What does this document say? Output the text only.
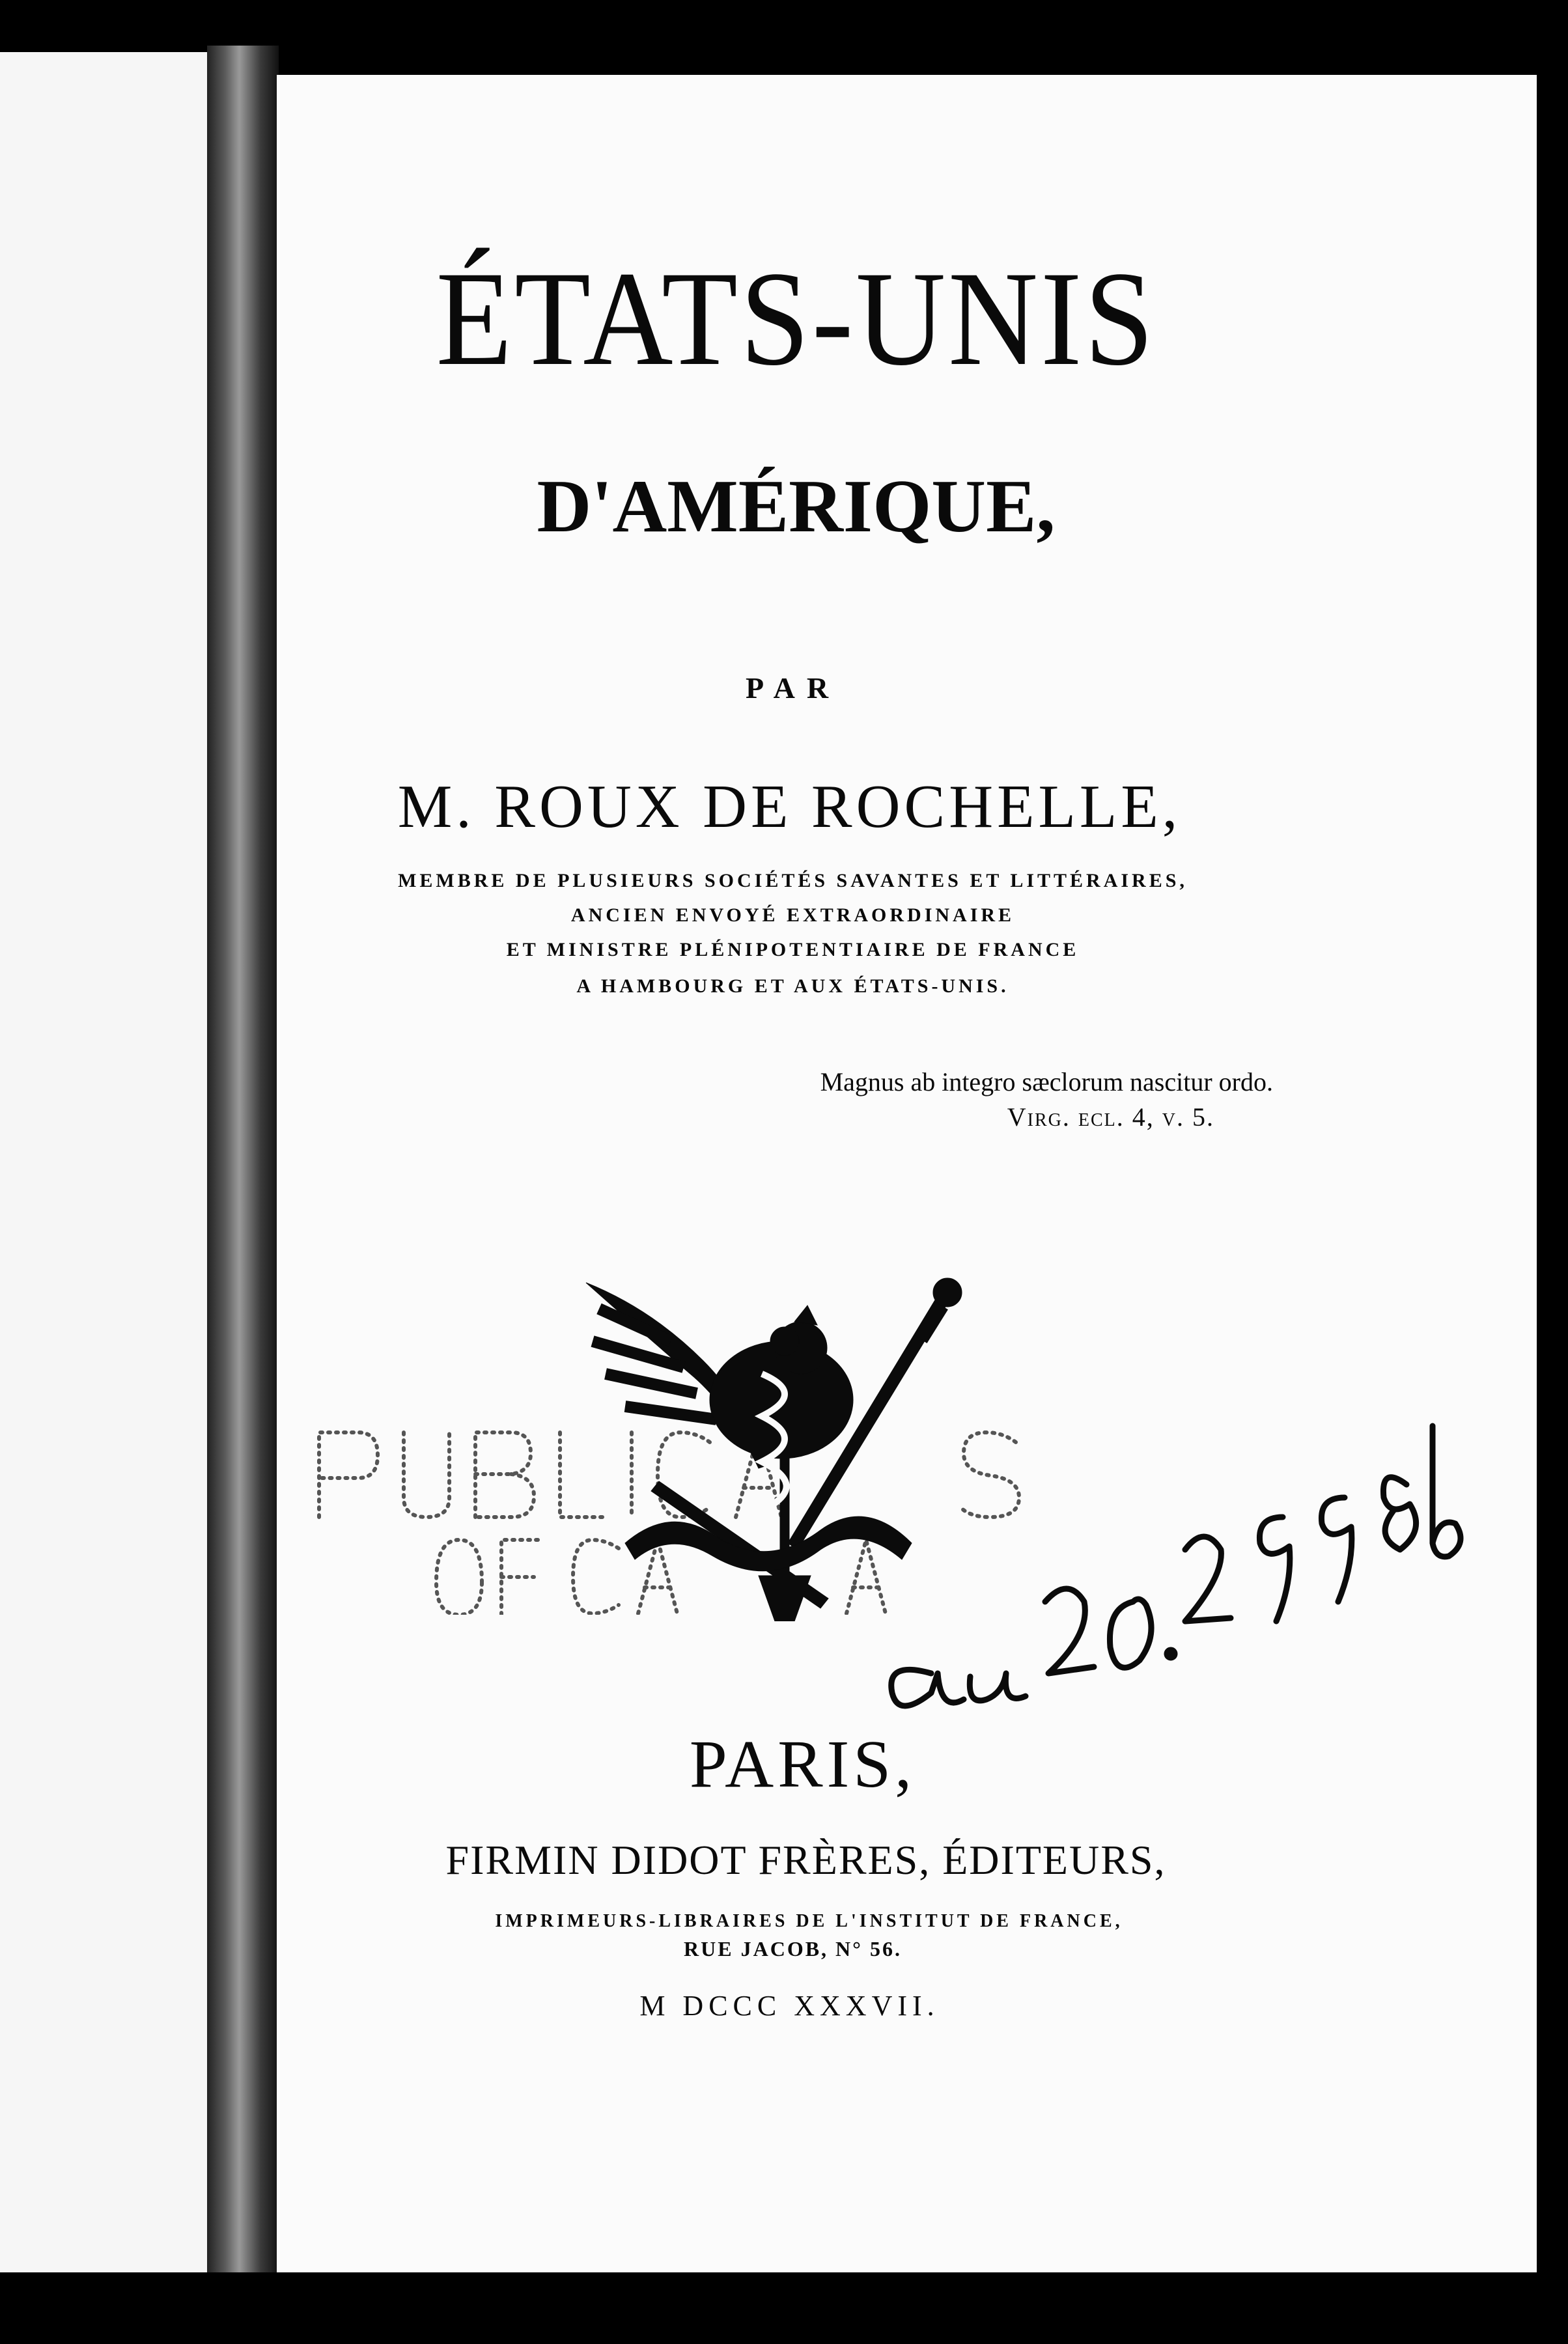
ÉTATS-UNIS
D'AMÉRIQUE,
PAR
M. ROUX DE ROCHELLE,
MEMBRE DE PLUSIEURS SOCIÉTÉS SAVANTES ET LITTÉRAIRES,
ANCIEN ENVOYÉ EXTRAORDINAIRE
ET MINISTRE PLÉNIPOTENTIAIRE DE FRANCE
A HAMBOURG ET AUX ÉTATS-UNIS.
Magnus ab integro sæclorum nascitur ordo.

Virg. ecl. 4, v. 5.
PARIS,
FIRMIN DIDOT FRÈRES, ÉDITEURS,
IMPRIMEURS-LIBRAIRES DE L'INSTITUT DE FRANCE,
RUE JACOB, N° 56.
M DCCC XXXVII.
